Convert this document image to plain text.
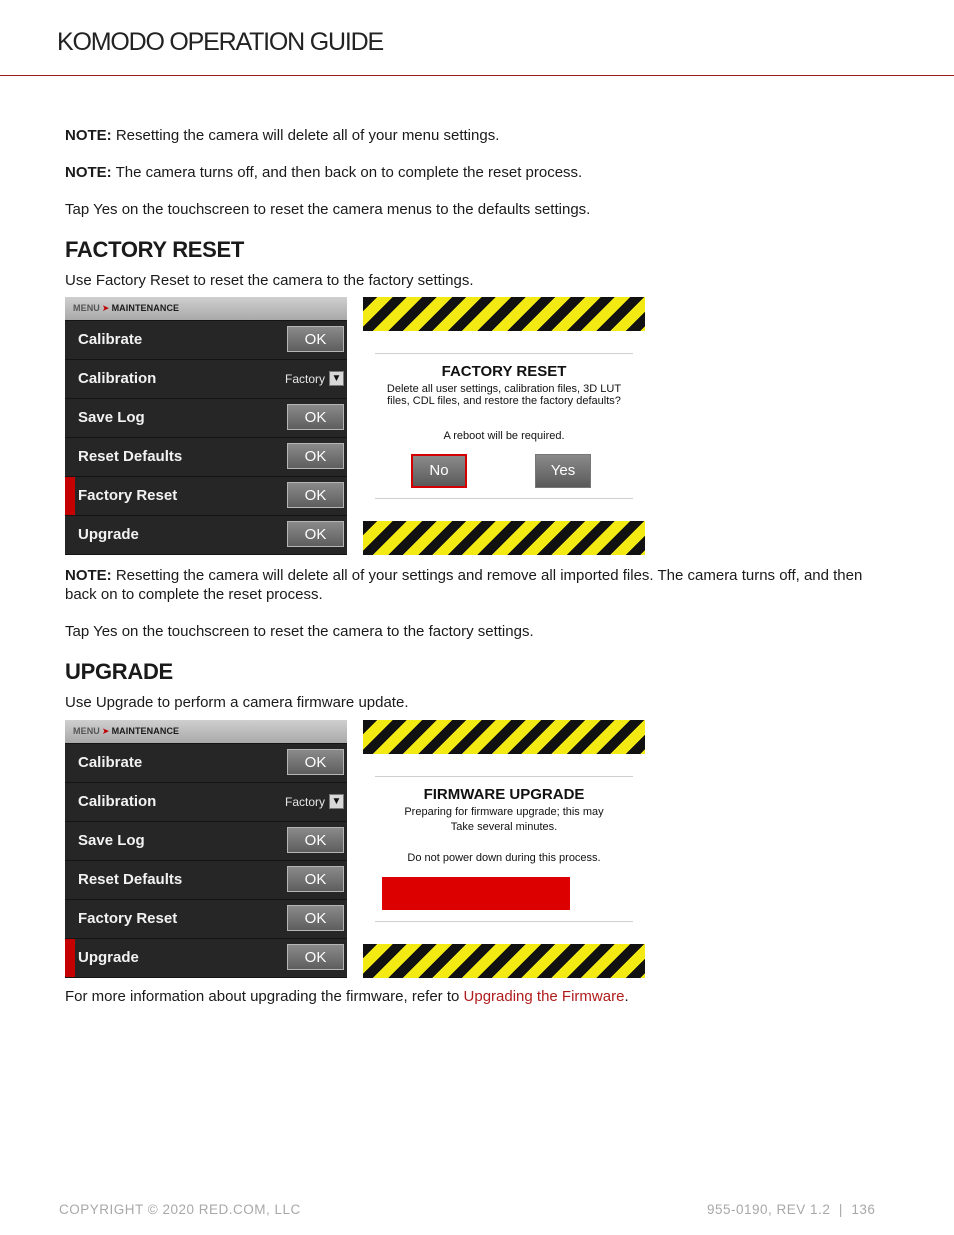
KOMODO OPERATION GUIDE
NOTE: Resetting the camera will delete all of your menu settings.
NOTE: The camera turns off, and then back on to complete the reset process.
Tap Yes on the touchscreen to reset the camera menus to the defaults settings.
FACTORY RESET
Use Factory Reset to reset the camera to the factory settings.
MENU ➤ MAINTENANCE
Calibrate	OK
Calibration	Factory ▼
Save Log	OK
Reset Defaults	OK
Factory Reset	OK
Upgrade	OK
FACTORY RESET
Delete all user settings, calibration files, 3D LUT files, CDL files, and restore the factory defaults?
A reboot will be required.
No	Yes
NOTE: Resetting the camera will delete all of your settings and remove all imported files. The camera turns off, and then back on to complete the reset process.
Tap Yes on the touchscreen to reset the camera to the factory settings.
UPGRADE
Use Upgrade to perform a camera firmware update.
MENU ➤ MAINTENANCE
Calibrate	OK
Calibration	Factory ▼
Save Log	OK
Reset Defaults	OK
Factory Reset	OK
Upgrade	OK
FIRMWARE UPGRADE
Preparing for firmware upgrade; this may
Take several minutes.
Do not power down during this process.
For more information about upgrading the firmware, refer to Upgrading the Firmware.
COPYRIGHT © 2020 RED.COM, LLC	955-0190, REV 1.2  |  136
